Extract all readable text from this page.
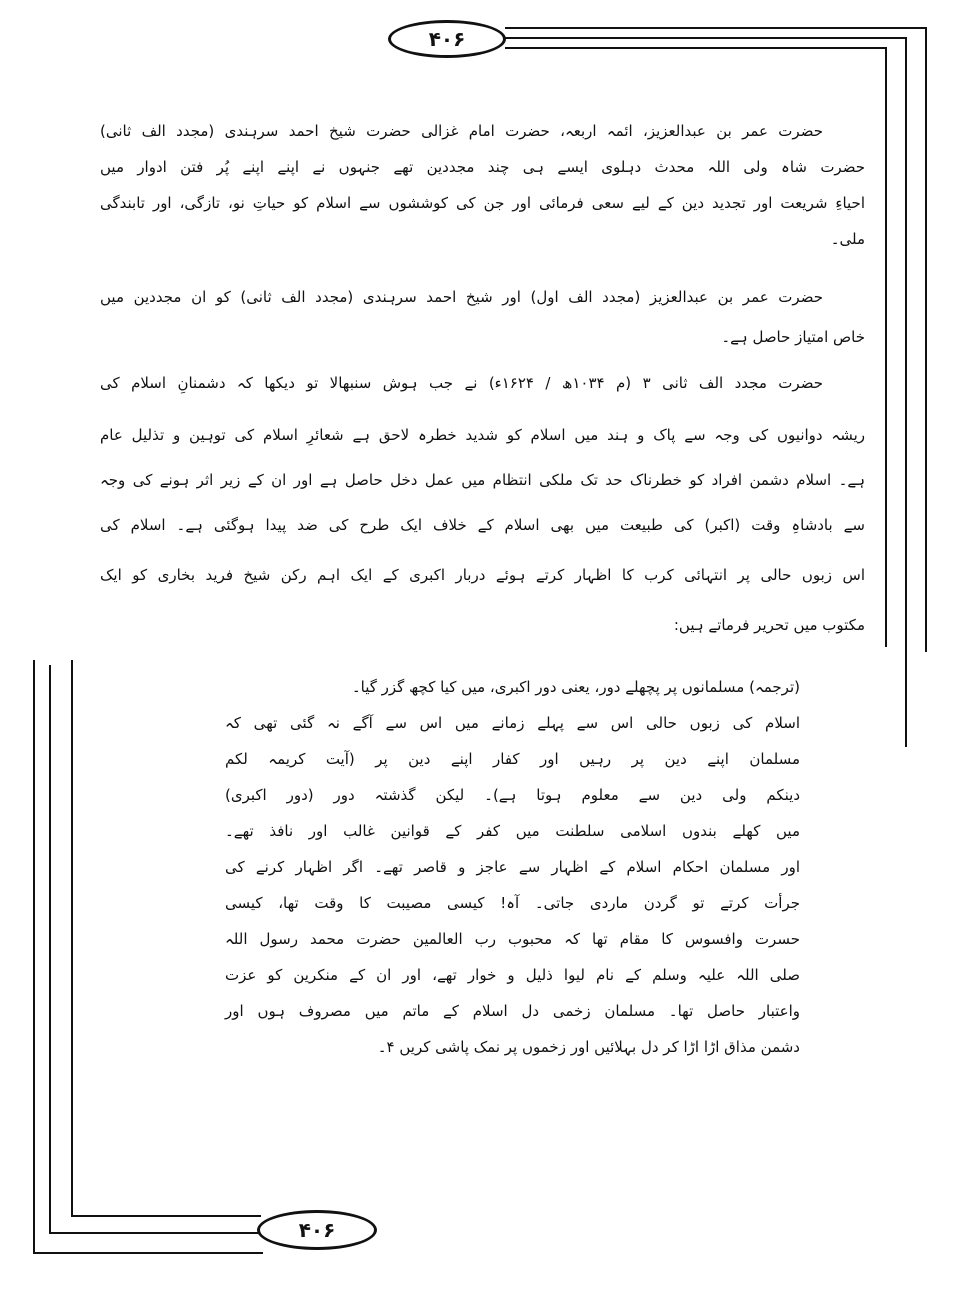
۴۰۶
حضرت عمر بن عبدالعزیز، ائمہ اربعہ، حضرت امام غزالی حضرت شیخ احمد سرہندی (مجدد الف ثانی)
حضرت شاہ ولی اللہ محدث دہلوی ایسے ہی چند مجددین تھے جنہوں نے اپنے اپنے پُر فتن ادوار میں
احیاءِ شریعت اور تجدید دین کے لیے سعی فرمائی اور جن کی کوششوں سے اسلام کو حیاتِ نو، تازگی، اور تابندگی
ملی۔
حضرت عمر بن عبدالعزیز (مجدد الف اول) اور شیخ احمد سرہندی (مجدد الف ثانی) کو ان مجددین میں
خاص امتیاز حاصل ہے۔
حضرت مجدد الف ثانی ۳ (م ۱۰۳۴ھ / ۱۶۲۴ء) نے جب ہوش سنبھالا تو دیکھا کہ دشمنانِ اسلام کی
ریشہ دوانیوں کی وجہ سے پاک و ہند میں اسلام کو شدید خطرہ لاحق ہے شعائرِ اسلام کی توہین و تذلیل عام
ہے۔ اسلام دشمن افراد کو خطرناک حد تک ملکی انتظام میں عمل دخل حاصل ہے اور ان کے زیر اثر ہونے کی وجہ
سے بادشاہِ وقت (اکبر) کی طبیعت میں بھی اسلام کے خلاف ایک طرح کی ضد پیدا ہوگئی ہے۔ اسلام کی
اس زبوں حالی پر انتہائی کرب کا اظہار کرتے ہوئے دربار اکبری کے ایک اہم رکن شیخ فرید بخاری کو ایک
مکتوب میں تحریر فرماتے ہیں:
(ترجمہ) مسلمانوں پر پچھلے دور، یعنی دور اکبری، میں کیا کچھ گزر گیا۔
اسلام کی زبوں حالی اس سے پہلے زمانے میں اس سے آگے نہ گئی تھی کہ
مسلمان اپنے دین پر رہیں اور کفار اپنے دین پر (آیت کریمہ لکم
دینکم ولی دین سے معلوم ہوتا ہے)۔ لیکن گذشتہ دور (دور اکبری)
میں کھلے بندوں اسلامی سلطنت میں کفر کے قوانین غالب اور نافذ تھے۔
اور مسلمان احکام اسلام کے اظہار سے عاجز و قاصر تھے۔ اگر اظہار کرنے کی
جرأت کرتے تو گردن ماردی جاتی۔ آہ! کیسی مصیبت کا وقت تھا، کیسی
حسرت وافسوس کا مقام تھا کہ محبوب رب العالمین حضرت محمد رسول اللہ
صلی اللہ علیہ وسلم کے نام لیوا ذلیل و خوار تھے، اور ان کے منکرین کو عزت
واعتبار حاصل تھا۔ مسلمان زخمی دل اسلام کے ماتم میں مصروف ہوں اور
دشمن مذاق اڑا اڑا کر دل بہلائیں اور زخموں پر نمک پاشی کریں ۴۔
۴۰۶
